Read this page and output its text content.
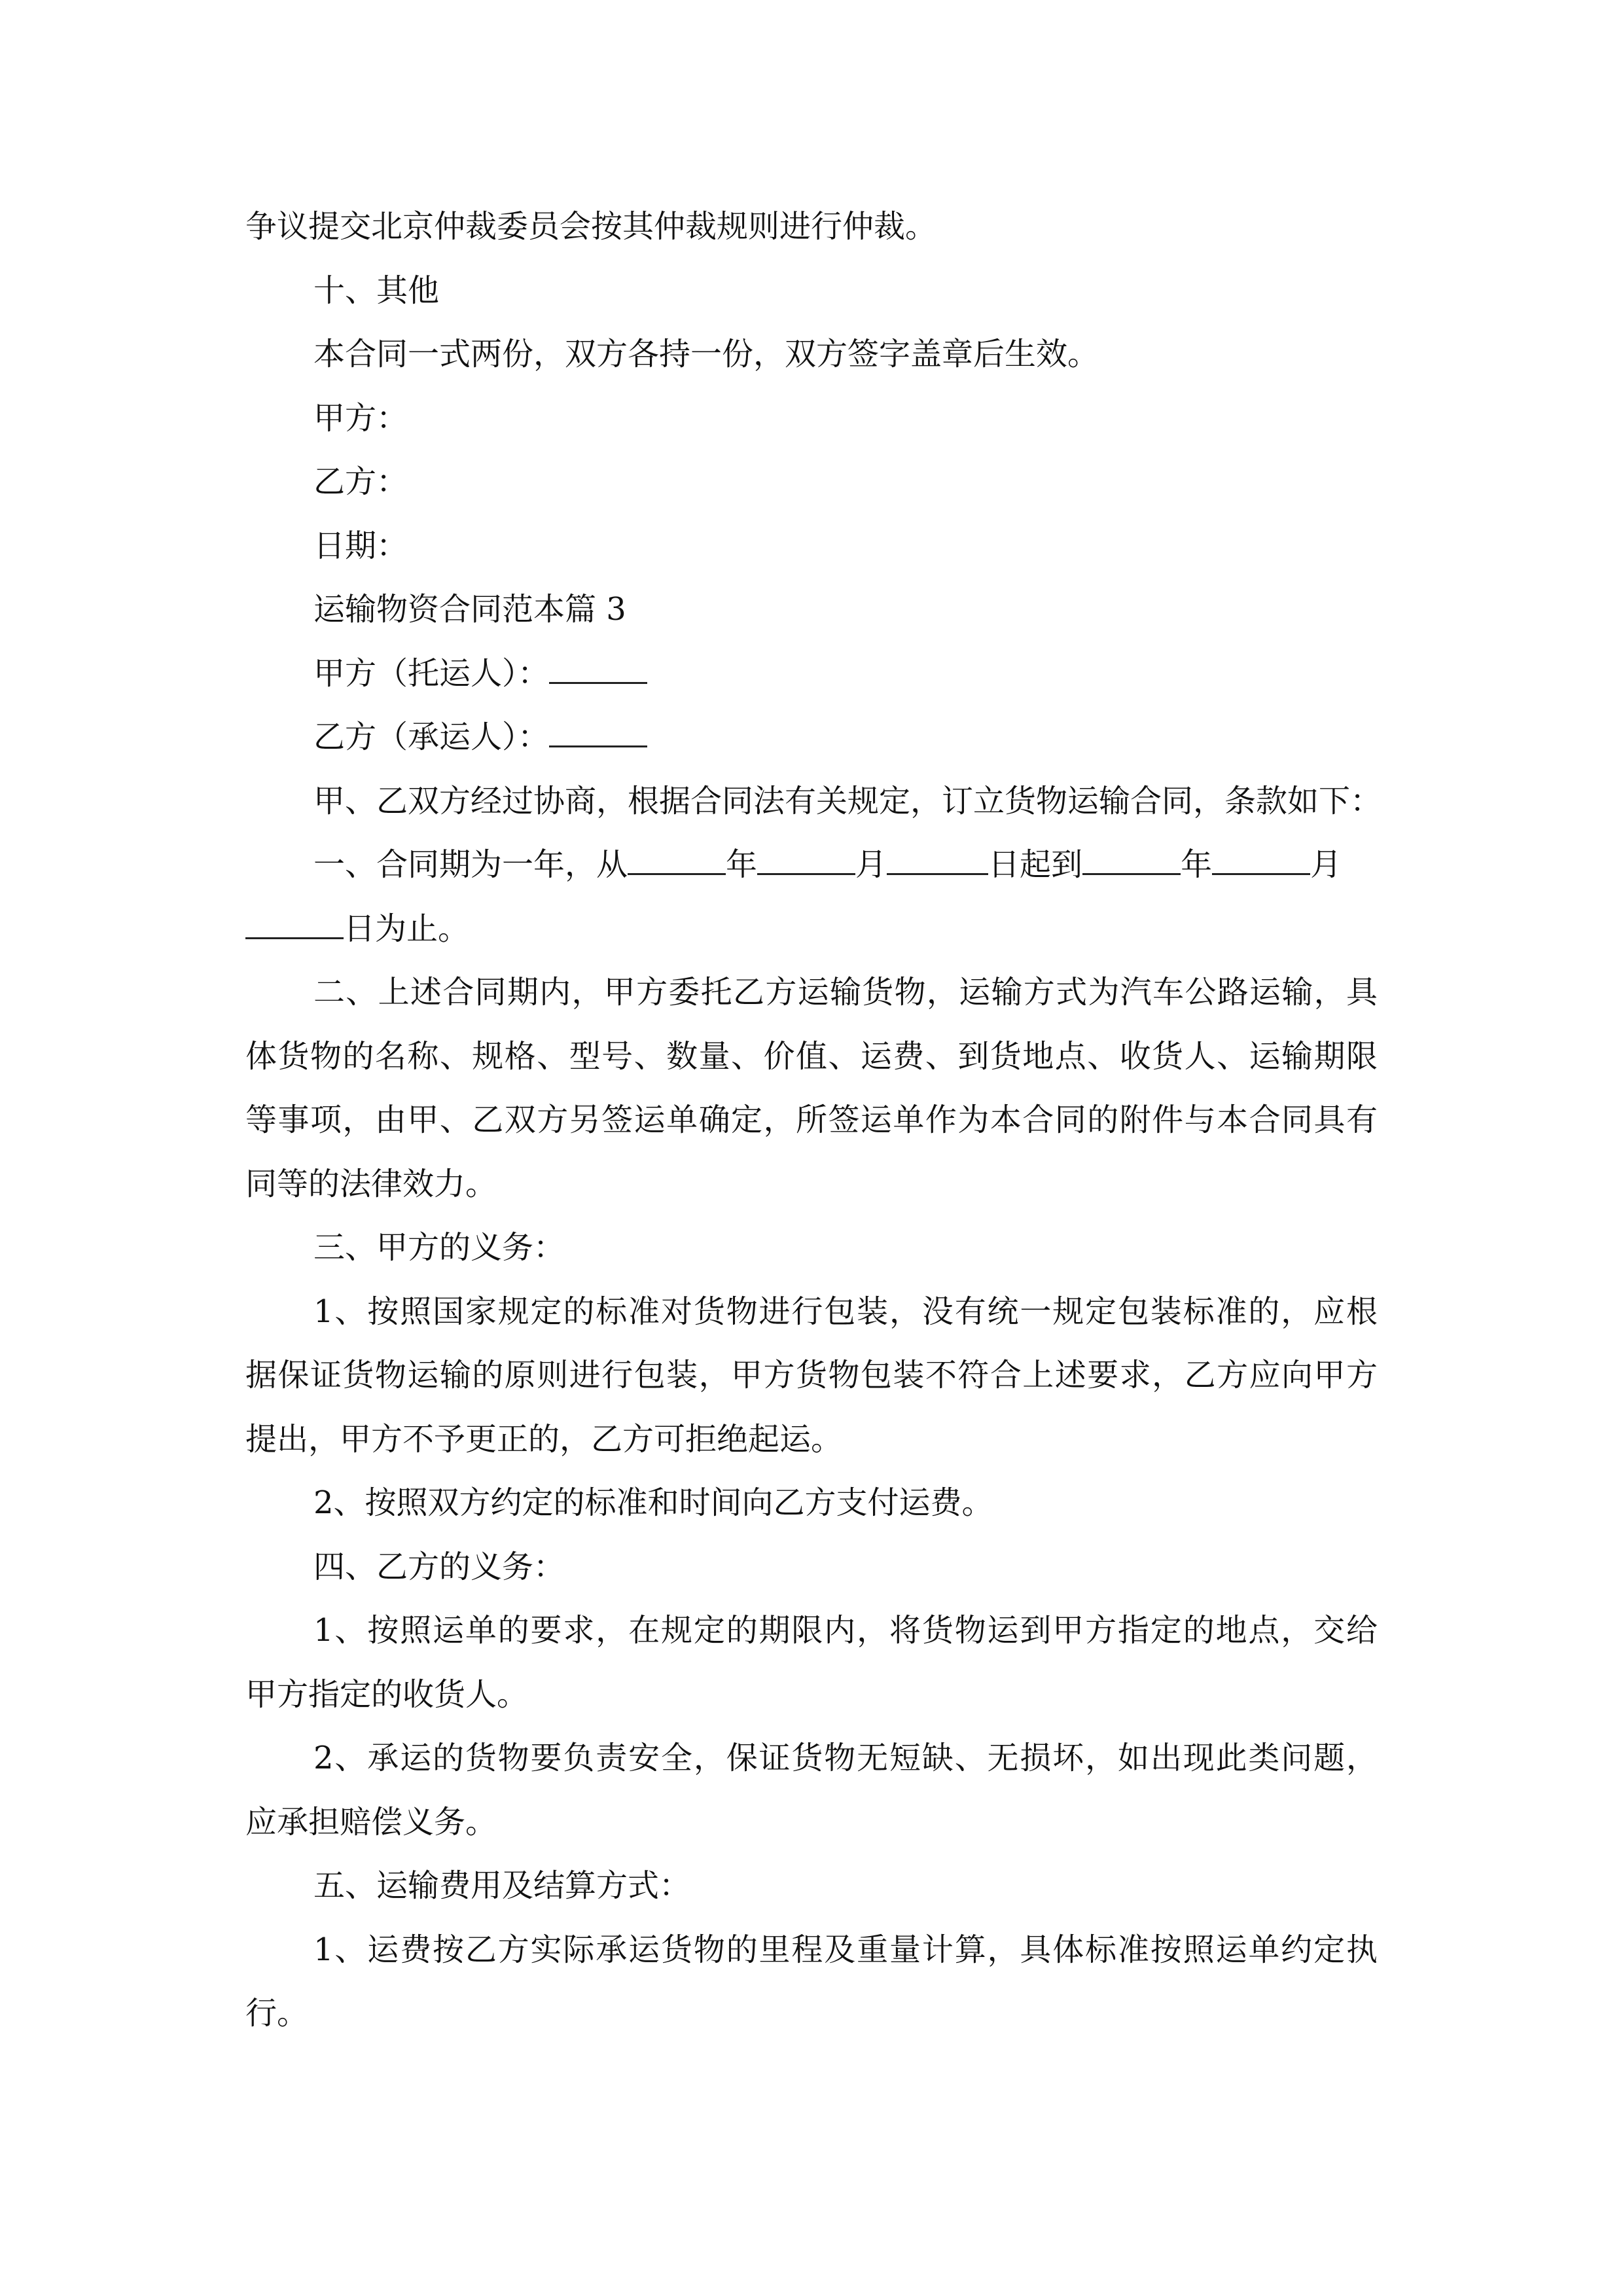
争议提交北京仲裁委员会按其仲裁规则进行仲裁。
十、其他
本合同一式两份，双方各持一份，双方签字盖章后生效。
甲方：
乙方：
日期：
运输物资合同范本篇 3
甲方（托运人）：
乙方（承运人）：
甲、乙双方经过协商，根据合同法有关规定，订立货物运输合同，条款如下：
一、合同期为一年，从	年	月	日起到	年	月
日为止。
二、上述合同期内，甲方委托乙方运输货物，运输方式为汽车公路运输，具
体货物的名称、规格、型号、数量、价值、运费、到货地点、收货人、运输期限
等事项，由甲、乙双方另签运单确定，所签运单作为本合同的附件与本合同具有
同等的法律效力。
三、甲方的义务：
1、按照国家规定的标准对货物进行包装，没有统一规定包装标准的，应根
据保证货物运输的原则进行包装，甲方货物包装不符合上述要求，乙方应向甲方
提出，甲方不予更正的，乙方可拒绝起运。
2、按照双方约定的标准和时间向乙方支付运费。
四、乙方的义务：
1、按照运单的要求，在规定的期限内，将货物运到甲方指定的地点，交给
甲方指定的收货人。
2、承运的货物要负责安全，保证货物无短缺、无损坏，如出现此类问题，
应承担赔偿义务。
五、运输费用及结算方式：
1、运费按乙方实际承运货物的里程及重量计算，具体标准按照运单约定执
行。
